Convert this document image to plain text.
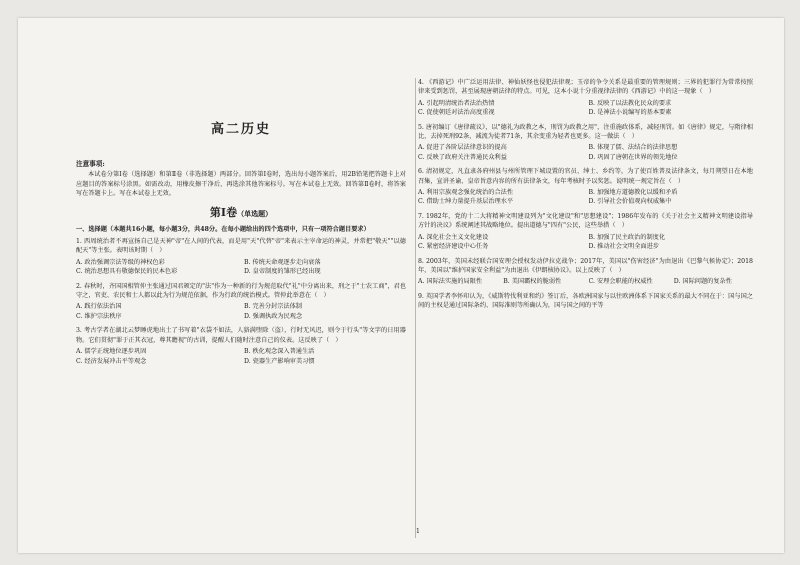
高二历史
注意事项:

本试卷分第Ⅰ卷（选择题）和第Ⅱ卷（非选择题）两部分。回答第Ⅰ卷时，选出每小题答案后，用2B铅笔把答题卡上对应题目的答案标号涂黑。如需改动，用橡皮擦干净后，再选涂其他答案标号。写在本试卷上无效。回答第Ⅱ卷时，将答案写在答题卡上。写在本试卷上无效。

第Ⅰ卷（单选题）

一、选择题（本题共16小题，每小题3分，共48分。在每小题给出的四个选项中，只有一项符合题目要求）

1. 西周统治者不再宣扬自己是天神"帝"在人间的代表，而是用"天"代替"帝"来表示主宰命运的神灵，并常把"敬天""以德配天"等主张。表明该时期（　）

A. 政治强调宗法等级的神权色彩	B. 传统天命观逐步走向衰落
C. 统治思想具有敬德保民的民本色彩	D. 皇帝制度的雏形已经出现

2. 春秋时，齐国国相管仲主张通过国君颁定的"法"作为一种新的行为规范取代"礼"中分离出来，刑之于"士农工商"，君也守之，官吏、农民和士人都以此为行为规范依据，作为行政的统治模式。管仲此举意在（　）

A. 践行依法治国	B. 完善分封宗法体制
C. 维护宗法秩序	D. 强调执政为民观念

3. 考古学者在湖北云梦睡虎地出土了书写着"衣袋不如法，人貉满堕除（盗），行时无风迟，则令于行头"等文字的日用器物。它们贯彻"罪于正其衣冠，尊其瞻视"的古训，提醒人们随时注意自己的仪表。这反映了（　）

A. 儒学正统地位逐步巩固	B. 秩化观念深入普通生活
C. 经济发展冲击平等观念	D. 瓷器生产影响审美习惯

4. 《西游记》中广泛运用法律、神仙妖怪也侵犯法律观；玉帝的争令关系是最重要的管理规则；三界的犯罪行为常常按照律来受到惩罚，甚至展现唐朝法律的特点。可见，这本小说十分重视律法律的《西游记》中的这一现象（　）

A. 引起明清统治者法治热情	B. 反映了以法教化民众的要求
C. 促使朝廷对法治高度重视	D. 是神法小说编写的基本要素

5. 唐初编订《唐律疏议》，以"德礼为政教之本，刑罚为政教之用"，注重施政体系，减轻刑罚。如《唐律》规定，与隋律相比，去掉死刑92条，减流为徒者71条，其余变重为轻者也更多。这一做法（　）

A. 促进了各阶层法律意识的提高	B. 体现了儒、法结合的法律思想
C. 反映了政府关注普通民众利益	D. 巩固了唐朝在世界的领先地位

6. 清初规定，凡直隶各府州县与州所管理下城设置的官员、绅士、乡约等，为了使百姓普及法律条文，每月朔望日在本地召集，宣讲圣谕、皇帝旨意内容的所有法律条文，每年考核时予以奖惩。说明统一规定旨在（　）

A. 利用宗族观念强化统治的合法性	B. 加强地方道德教化以缓和矛盾
C. 借助士绅力量提升基层治理水平	D. 引导社会价值观向权威集中

7. 1982年，党的十二大将精神文明建设列为"文化建设"和"思想建设"；1986年发布的《关于社会主义精神文明建设指导方针的决议》系统阐述其战略地位。提出道德与"四有"公民，这些举措（　）

A. 深化社会主义文化建设	B. 加强了民主政治的制度化
C. 紧密经济建设中心任务	D. 推动社会文明全面进步

8. 2003年，美国未经联合国安理会授权发动伊拉克战争；2017年，美国以"伤害经济"为由退出《巴黎气候协定》；2018年，美国以"维护国家安全利益"为由退出《伊朗核协议》。以上反映了（　）

A. 国际法实施的局限性	B. 美国霸权的脆弱性	C. 安理会职能的权威性	D. 国际问题的复杂性

9. 英国学者李怀印认为，《威斯特伐利亚和约》签订后，各欧洲国家与以往欧洲体系下国家关系的最大不同在于：国与国之间的主权是通过国际条约、国际准则等所确认为，国与国之间的平等

1
